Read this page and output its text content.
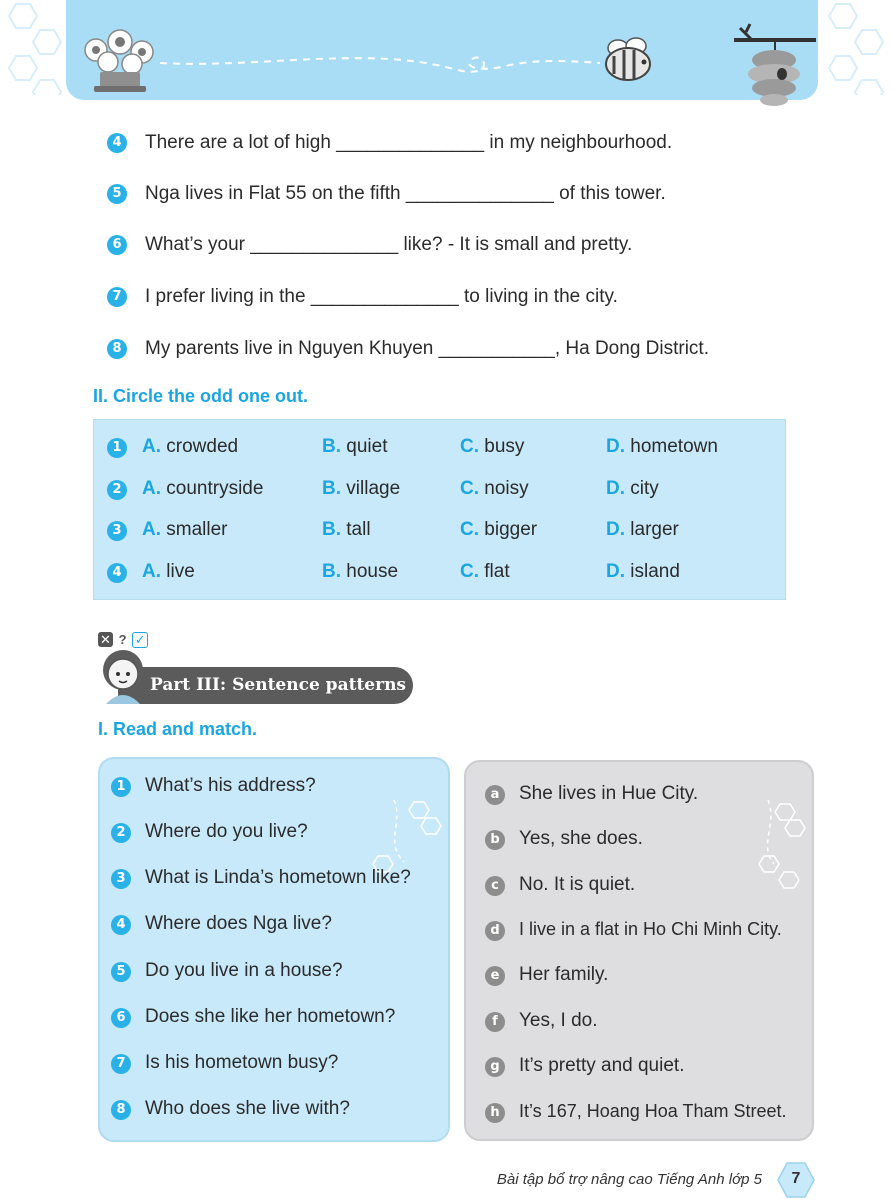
4 There are a lot of high ______________ in my neighbourhood.
5 Nga lives in Flat 55 on the fifth ______________ of this tower.
6 What’s your ______________ like? - It is small and pretty.
7 I prefer living in the ______________ to living in the city.
8 My parents live in Nguyen Khuyen ___________, Ha Dong District.
II. Circle the odd one out.
1 A. crowded	B. quiet	C. busy	D. hometown
2 A. countryside	B. village	C. noisy	D. city
3 A. smaller	B. tall	C. bigger	D. larger
4 A. live	B. house	C. flat	D. island
✕ ? ✓
Part III: Sentence patterns
I. Read and match.
1 What’s his address?
2 Where do you live?
3 What is Linda’s hometown like?
4 Where does Nga live?
5 Do you live in a house?
6 Does she like her hometown?
7 Is his hometown busy?
8 Who does she live with?
a She lives in Hue City.
b Yes, she does.
c	No. It is quiet.
d I live in a flat in Ho Chi Minh City.
e Her family.
f	Yes, I do.
g It’s pretty and quiet.
h It’s 167, Hoang Hoa Tham Street.
Bài tập bổ trợ nâng cao Tiếng Anh lớp 5	7
